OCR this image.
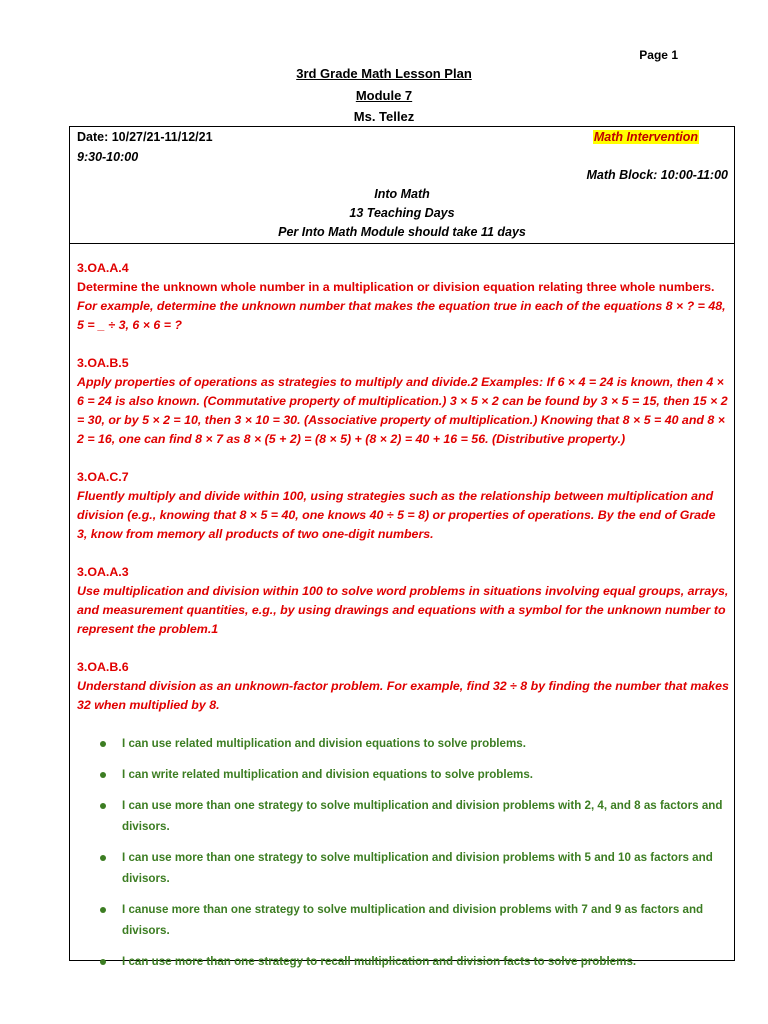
Page 1
3rd Grade Math Lesson Plan
Module 7
Ms. Tellez
Date: 10/27/21-11/12/21
9:30-10:00
Math Intervention
Math Block: 10:00-11:00
Into Math
13 Teaching Days
Per Into Math Module should take 11 days
3.OA.A.4
Determine the unknown whole number in a multiplication or division equation relating three whole numbers. For example, determine the unknown number that makes the equation true in each of the equations 8 × ? = 48, 5 = _ ÷ 3, 6 × 6 = ?
3.OA.B.5
Apply properties of operations as strategies to multiply and divide.2 Examples: If 6 × 4 = 24 is known, then 4 × 6 = 24 is also known. (Commutative property of multiplication.) 3 × 5 × 2 can be found by 3 × 5 = 15, then 15 × 2 = 30, or by 5 × 2 = 10, then 3 × 10 = 30. (Associative property of multiplication.) Knowing that 8 × 5 = 40 and 8 × 2 = 16, one can find 8 × 7 as 8 × (5 + 2) = (8 × 5) + (8 × 2) = 40 + 16 = 56. (Distributive property.)
3.OA.C.7
Fluently multiply and divide within 100, using strategies such as the relationship between multiplication and division (e.g., knowing that 8 × 5 = 40, one knows 40 ÷ 5 = 8) or properties of operations. By the end of Grade 3, know from memory all products of two one-digit numbers.
3.OA.A.3
Use multiplication and division within 100 to solve word problems in situations involving equal groups, arrays, and measurement quantities, e.g., by using drawings and equations with a symbol for the unknown number to represent the problem.1
3.OA.B.6
Understand division as an unknown-factor problem. For example, find 32 ÷ 8 by finding the number that makes 32 when multiplied by 8.
I can use related multiplication and division equations to solve problems.
I can write related multiplication and division equations to solve problems.
I can use more than one strategy to solve multiplication and division problems with 2, 4, and 8 as factors and divisors.
I can use more than one strategy to solve multiplication and division problems with 5 and 10 as factors and divisors.
I canuse more than one strategy to solve multiplication and division problems with 7 and 9 as factors and divisors.
I can use more than one strategy to recall multiplication and division facts to solve problems.
